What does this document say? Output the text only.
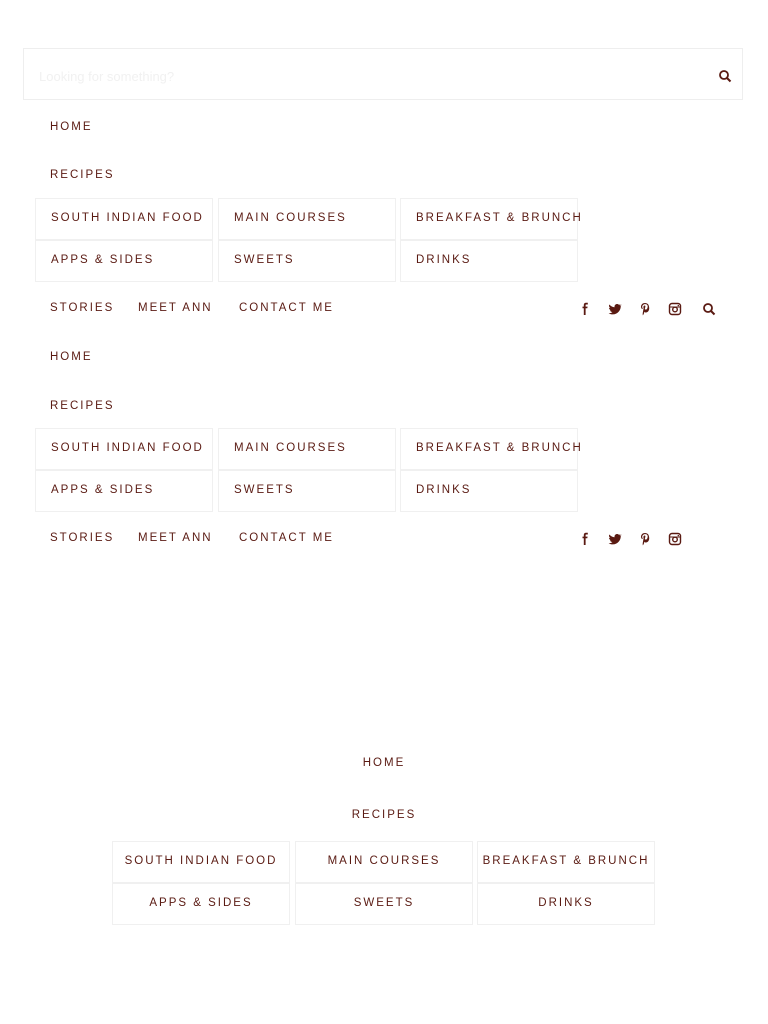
Looking for something?
HOME
RECIPES
SOUTH INDIAN FOOD	MAIN COURSES	BREAKFAST & BRUNCH
APPS & SIDES	SWEETS	DRINKS
STORIES MEET ANN CONTACT ME
HOME
RECIPES
SOUTH INDIAN FOOD	MAIN COURSES	BREAKFAST & BRUNCH
APPS & SIDES	SWEETS	DRINKS
STORIES MEET ANN CONTACT ME
HOME
RECIPES
SOUTH INDIAN FOOD	MAIN COURSES	BREAKFAST & BRUNCH
APPS & SIDES	SWEETS	DRINKS
